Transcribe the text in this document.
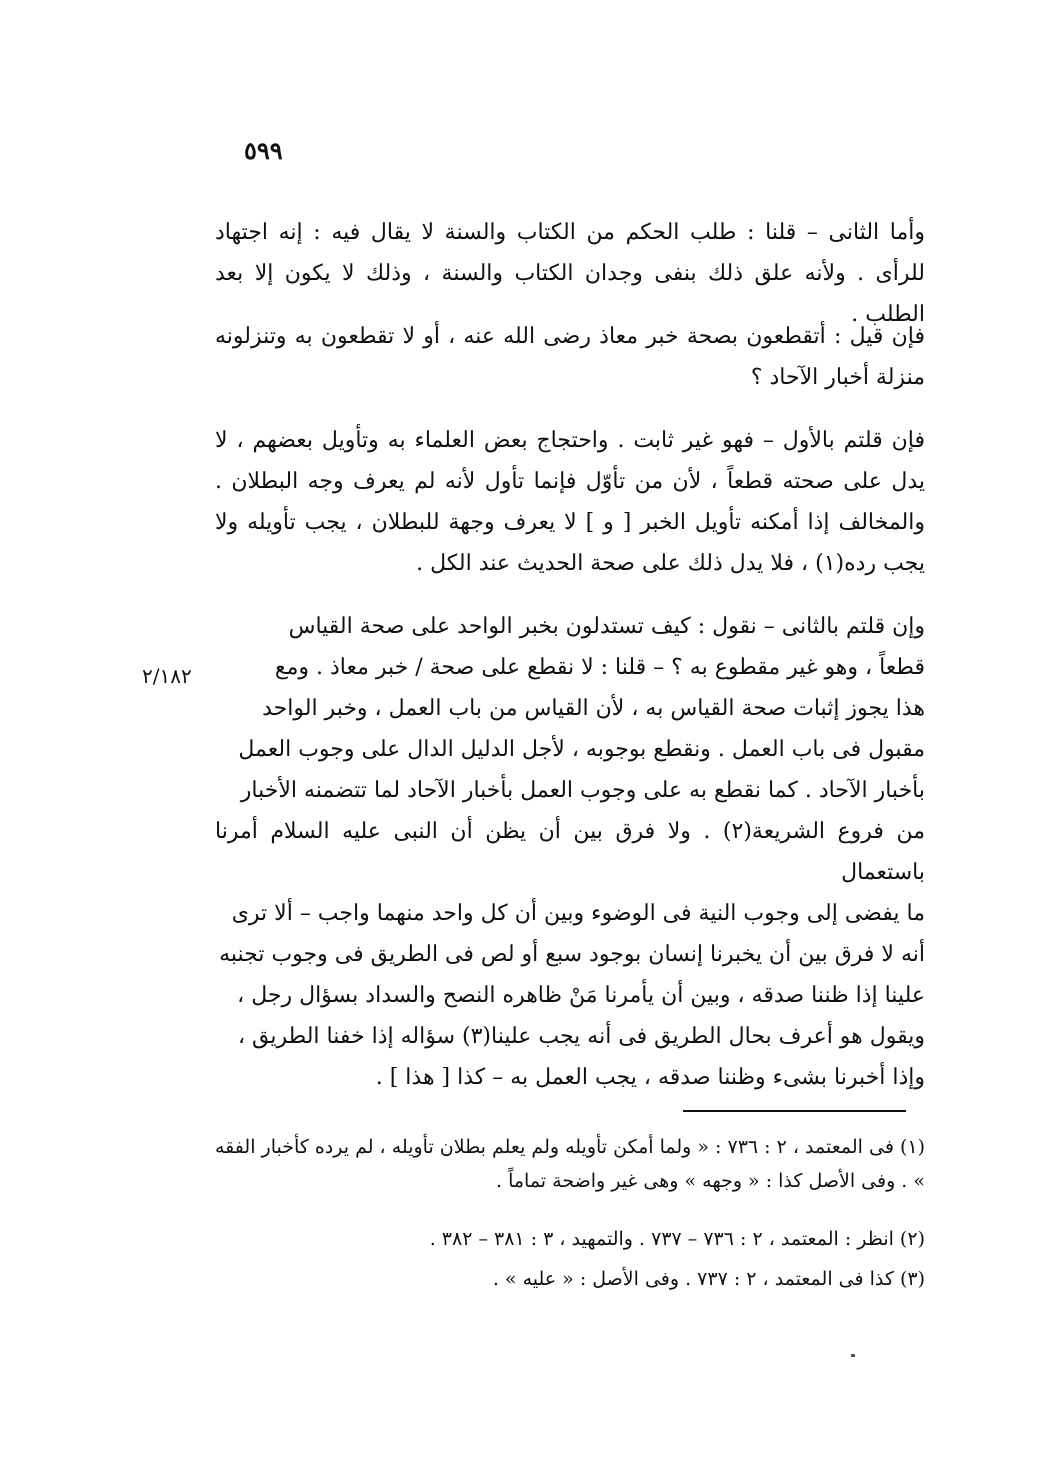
٥٩٩

وأما الثانى – قلنا : طلب الحكم من الكتاب والسنة لا يقال فيه : إنه اجتهاد للرأى . ولأنه علق ذلك بنفى وجدان الكتاب والسنة ، وذلك لا يكون إلا بعد الطلب .

فإن قيل : أتقطعون بصحة خبر معاذ رضى الله عنه ، أو لا تقطعون به وتنزلونه منزلة أخبار الآحاد ؟

فإن قلتم بالأول – فهو غير ثابت . واحتجاج بعض العلماء به وتأويل بعضهم ، لا يدل على صحته قطعاً ، لأن من تأوّل فإنما تأول لأنه لم يعرف وجه البطلان . والمخالف إذا أمكنه تأويل الخبر [ و ] لا يعرف وجهة للبطلان ، يجب تأويله ولا يجب رده(١) ، فلا يدل ذلك على صحة الحديث عند الكل .

وإن قلتم بالثانى – نقول : كيف تستدلون بخبر الواحد على صحة القياس
قطعاً ، وهو غير مقطوع به ؟ – قلنا : لا نقطع على صحة / خبر معاذ . ومع
هذا يجوز إثبات صحة القياس به ، لأن القياس من باب العمل ، وخبر الواحد
مقبول فى باب العمل . ونقطع بوجوبه ، لأجل الدليل الدال على وجوب العمل
بأخبار الآحاد . كما نقطع به على وجوب العمل بأخبار الآحاد لما تتضمنه الأخبار
من فروع الشريعة(٢) . ولا فرق بين أن يظن أن النبى عليه السلام أمرنا باستعمال
ما يفضى إلى وجوب النية فى الوضوء وبين أن كل واحد منهما واجب – ألا ترى
أنه لا فرق بين أن يخبرنا إنسان بوجود سبع أو لص فى الطريق فى وجوب تجنبه
علينا إذا ظننا صدقه ، وبين أن يأمرنا مَنْ ظاهره النصح والسداد بسؤال رجل ،
ويقول هو أعرف بحال الطريق فى أنه يجب علينا(٣) سؤاله إذا خفنا الطريق ،
وإذا أخبرنا بشىء وظننا صدقه ، يجب العمل به – كذا [ هذا ] .
٢/١٨٢

(١) فى المعتمد ، ٢ : ٧٣٦ : « ولما أمكن تأويله ولم يعلم بطلان تأويله ، لم يرده كأخبار الفقه » . وفى الأصل كذا : « وجهه » وهى غير واضحة تماماً .

(٢) انظر : المعتمد ، ٢ : ٧٣٦ – ٧٣٧ . والتمهيد ، ٣ : ٣٨١ – ٣٨٢ .

(٣) كذا فى المعتمد ، ٢ : ٧٣٧ . وفى الأصل : « عليه » .
